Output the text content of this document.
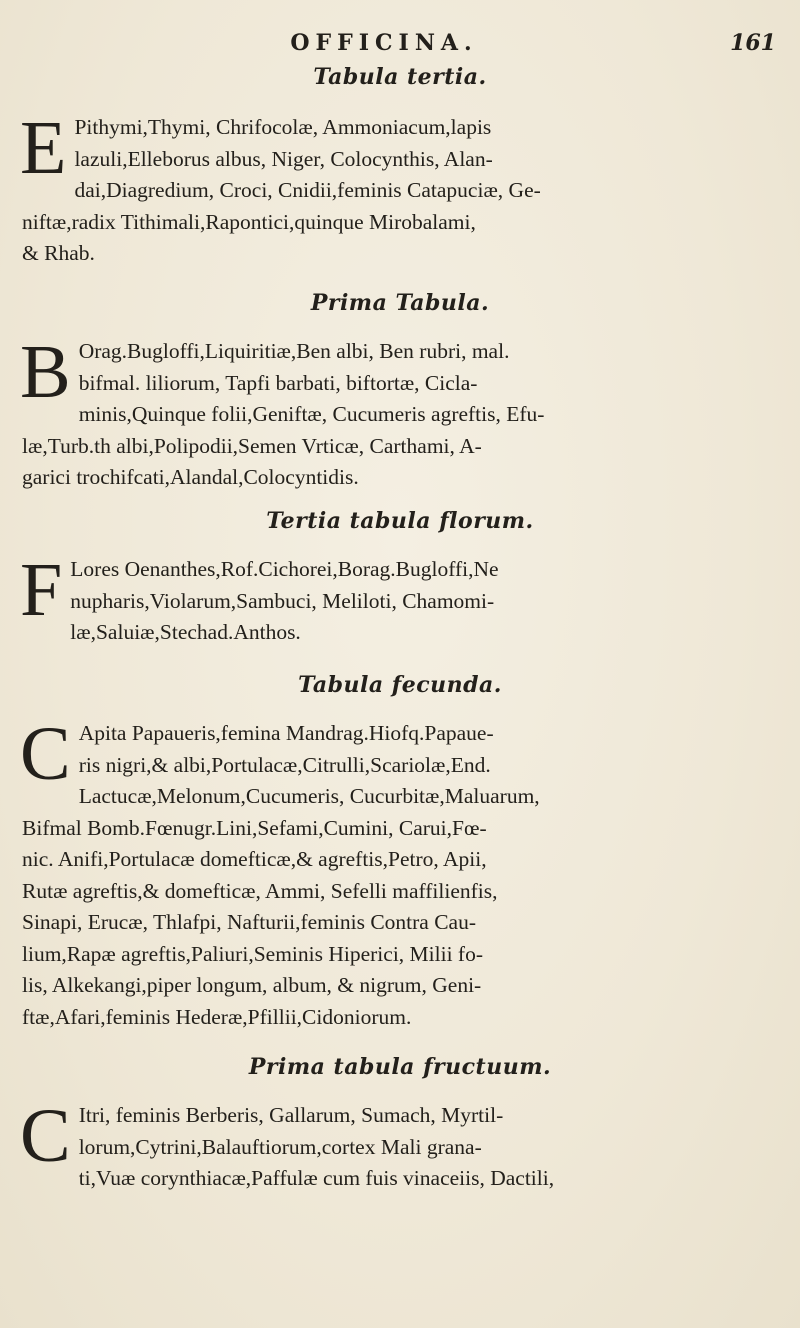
OFFICINA.	161
Tabula tertia.
E Pithymi,Thymi, Chrifocolæ, Ammoniacum,lapis
lazuli,Elleborus albus, Niger, Colocynthis, Alan-
dai,Diagredium, Croci, Cnidii,feminis Catapuciæ, Ge-
niftæ,radix Tithimali,Rapontici,quinque Mirobalami,
& Rhab.
Prima Tabula.
B Orag.Bugloffi,Liquiritiæ,Ben albi, Ben rubri, mal.
bifmal. liliorum, Tapfi barbati, biftortæ, Cicla-
minis,Quinque folii,Geniftæ, Cucumeris agreftis, Efu-
læ,Turb.th albi,Polipodii,Semen Vrticæ, Carthami, A-
garici trochifcati,Alandal,Colocyntidis.
Tertia tabula florum.
F Lores Oenanthes,Rof.Cichorei,Borag.Bugloffi,Ne
nupharis,Violarum,Sambuci, Meliloti, Chamomi-
læ,Saluiæ,Stechad.Anthos.
Tabula fecunda.
C Apita Papaueris,femina Mandrag.Hiofq.Papaue-
ris nigri,& albi,Portulacæ,Citrulli,Scariolæ,End.
Lactucæ,Melonum,Cucumeris, Cucurbitæ,Maluarum,
Bifmal Bomb.Fœnugr.Lini,Sefami,Cumini, Carui,Fœ-
nic. Anifi,Portulacæ domefticæ,& agreftis,Petro, Apii,
Rutæ agreftis,& domefticæ, Ammi, Sefelli maffilienfis,
Sinapi, Erucæ, Thlafpi, Nafturii,feminis Contra Cau-
lium,Rapæ agreftis,Paliuri,Seminis Hiperici, Milii fo-
lis, Alkekangi,piper longum, album, & nigrum, Geni-
ftæ,Afari,feminis Hederæ,Pfillii,Cidoniorum.
Prima tabula fructuum.
C Itri, feminis Berberis, Gallarum, Sumach, Myrtil-
lorum,Cytrini,Balauftiorum,cortex Mali grana-
ti,Vuæ corynthiacæ,Paffulæ cum fuis vinaceiis, Dactili,
